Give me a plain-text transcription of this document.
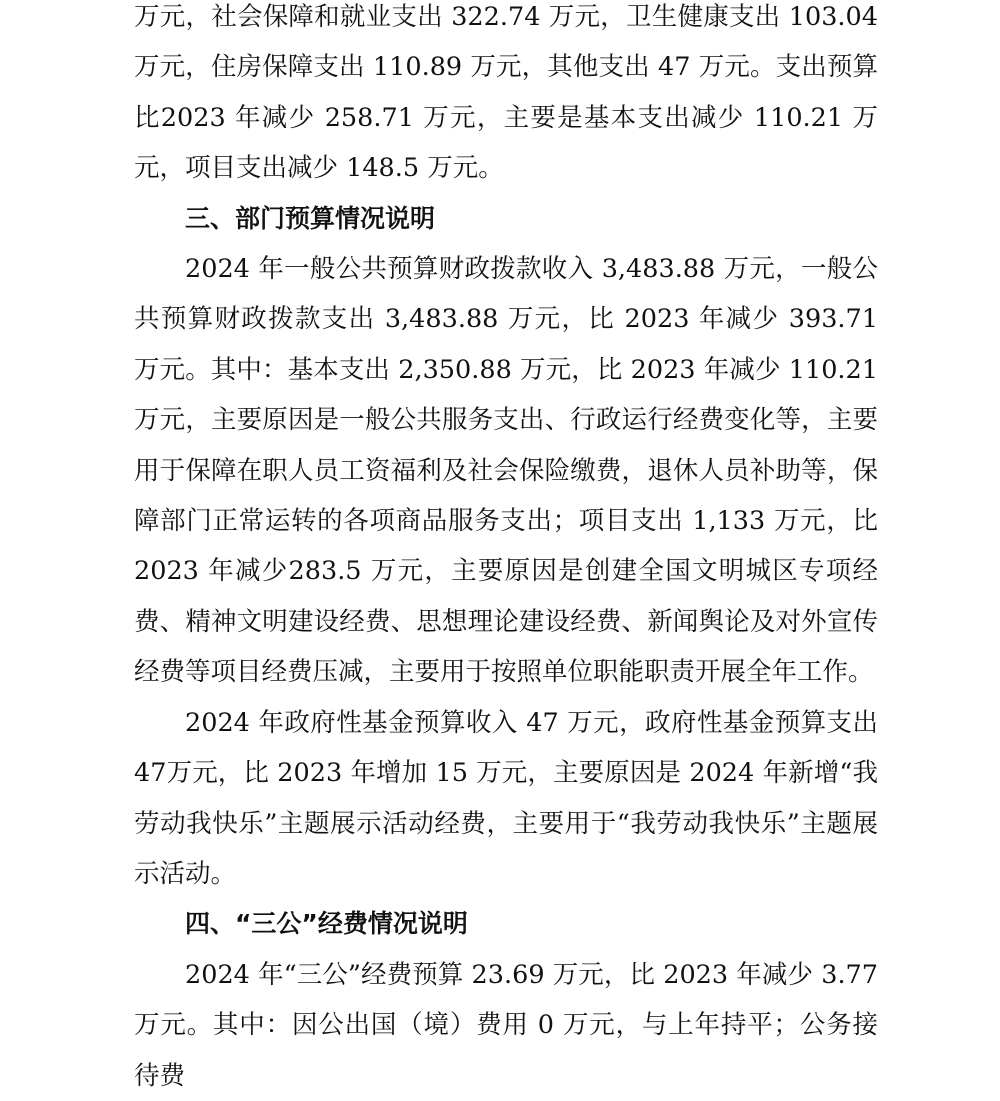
万元，社会保障和就业支出 322.74 万元，卫生健康支出 103.04 万元，住房保障支出 110.89 万元，其他支出 47 万元。支出预算比2023 年减少 258.71 万元，主要是基本支出减少 110.21 万元，项目支出减少 148.5 万元。

三、部门预算情况说明

2024 年一般公共预算财政拨款收入 3,483.88 万元，一般公共预算财政拨款支出 3,483.88 万元，比 2023 年减少 393.71 万元。其中：基本支出 2,350.88 万元，比 2023 年减少 110.21 万元，主要原因是一般公共服务支出、行政运行经费变化等，主要用于保障在职人员工资福利及社会保险缴费，退休人员补助等，保障部门正常运转的各项商品服务支出；项目支出 1,133 万元，比 2023 年减少283.5 万元，主要原因是创建全国文明城区专项经费、精神文明建设经费、思想理论建设经费、新闻舆论及对外宣传经费等项目经费压减，主要用于按照单位职能职责开展全年工作。

2024 年政府性基金预算收入 47 万元，政府性基金预算支出 47万元，比 2023 年增加 15 万元，主要原因是 2024 年新增“我劳动我快乐”主题展示活动经费，主要用于“我劳动我快乐”主题展示活动。

四、“三公”经费情况说明

2024 年“三公”经费预算 23.69 万元，比 2023 年减少 3.77 万元。其中：因公出国（境）费用 0 万元，与上年持平；公务接待费
